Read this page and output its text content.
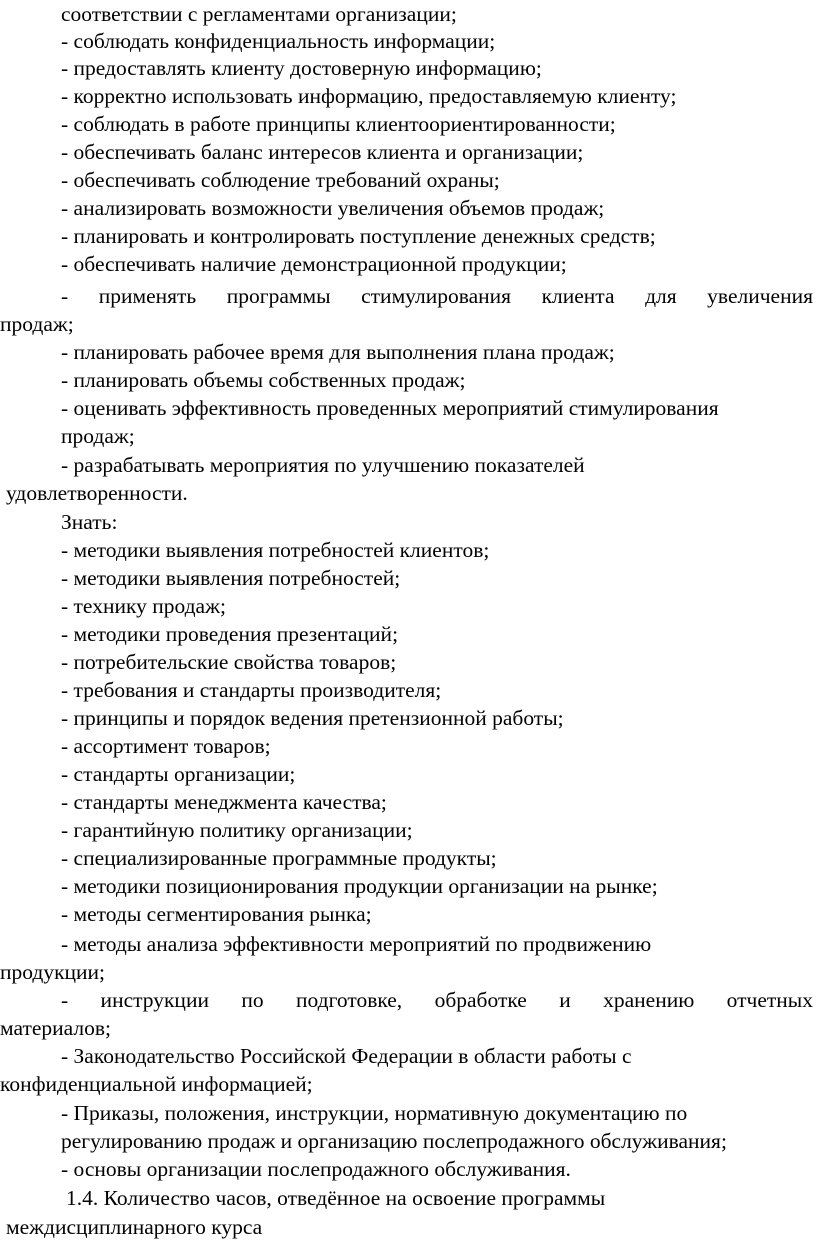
соответствии с регламентами организации;

- соблюдать конфиденциальность информации;

- предоставлять клиенту достоверную информацию;

- корректно использовать информацию, предоставляемую клиенту;

- соблюдать в работе принципы клиентоориентированности;

- обеспечивать баланс интересов клиента и организации;

- обеспечивать соблюдение требований охраны;

- анализировать возможности увеличения объемов продаж;

- планировать и контролировать поступление денежных средств;

- обеспечивать наличие демонстрационной продукции;

- применять программы стимулирования клиента для увеличения

продаж;

- планировать рабочее время для выполнения плана продаж;

- планировать объемы собственных продаж;

- оценивать эффективность проведенных мероприятий стимулирования

продаж;

- разрабатывать мероприятия по улучшению показателей

удовлетворенности.

Знать:

- методики выявления потребностей клиентов;

- методики выявления потребностей;

- технику продаж;

- методики проведения презентаций;

- потребительские свойства товаров;

- требования и стандарты производителя;

- принципы и порядок ведения претензионной работы;

- ассортимент товаров;

- стандарты организации;

- стандарты менеджмента качества;

- гарантийную политику организации;

- специализированные программные продукты;

- методики позиционирования продукции организации на рынке;

- методы сегментирования рынка;

- методы анализа эффективности мероприятий по продвижению

продукции;

- инструкции по подготовке, обработке и хранению отчетных

материалов;

- Законодательство Российской Федерации в области работы с

конфиденциальной информацией;

- Приказы, положения, инструкции, нормативную документацию по

регулированию продаж и организацию послепродажного обслуживания;

- основы организации послепродажного обслуживания.

1.4. Количество часов, отведённое на освоение программы

междисциплинарного курса
